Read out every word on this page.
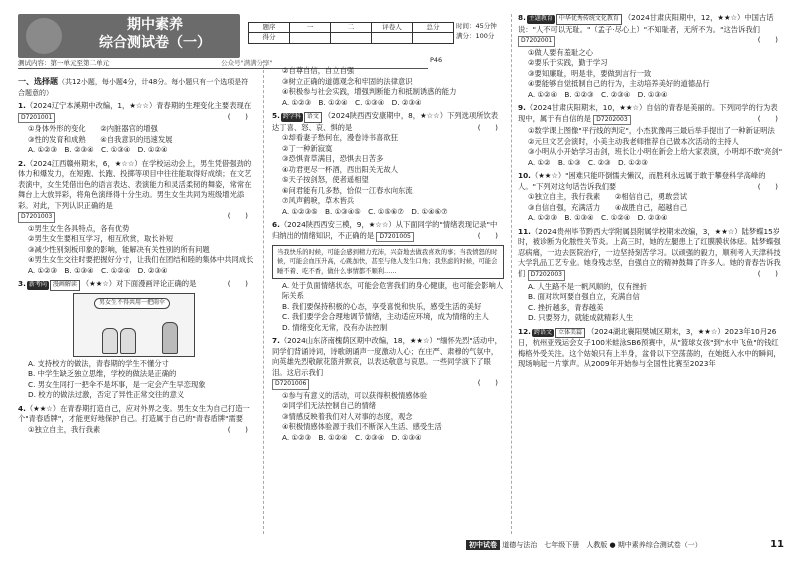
期中素养
综合测试卷（一）
题序	一	二	评卷人	总分
得分				
时间：45分钟
满分：100分
测试内容：第一单元至第二单元	公众号"满满分享"	P46

一、选择题（共12小题，每小题4分，计48分。每小题只有一个选项是符合题意的）

1.（2024辽宁本溪期中改编，1，★☆☆）青春期的生理变化主要表现在

D7201001	(　　)

①身体外形的变化　　 ②内脏器官的增强

③性的发育和成熟　　 ④自我意识的迅速发展

A. ①②③　B. ②③④　C. ①③④　D. ①②④

2.（2024江西赣州期末，6，★☆☆）在学校运动会上，男生凭借强劲的体力和爆发力，在短跑、长跑、投掷等项目中往往能取得好成绩；在文艺表演中，女生凭借出色的语言表达、表演能力和灵活柔韧的舞姿，常常在舞台上大放异彩，将角色演绎得十分生动。男生女生共同为班级增光添彩。对此，下列认识正确的是

D7201003	(　　)

①男生女生各具特点，各有优势

②男生女生要相互学习，相互欣赏，取长补短

③减少性别刻板印象的影响，能解决有关性别的所有问题

④男生女生交往时要把握好分寸，让我们在团结和睦的集体中共同成长

A. ①②③　B. ①③④　C. ①②④　D. ②③④

3. 新考向 漫画解读 （★★☆）对下面漫画评论正确的是	(　　)

男女生不得共用一把雨伞

A. 支持校方的做法，青春期的学生不懂分寸

B. 中学生缺乏独立思维，学校的做法是正确的

C. 男女生同打一把伞不是坏事，是一定会产生早恋现象

D. 校方的做法过激，否定了异性正常交往的意义

4.（★★☆）在青春期打造自己，应对外界之变。男生女生为自己打造一个"青春盾牌"，才能更好地保护自己。打造属于自己的"青春盾牌"需要
(　　)

①独立自主，我行我素

②自尊自信，自立自强

③树立正确的道德观念和牢固的法律意识

④积极参与社会实践，增强判断能力和抵制诱惑的能力

A. ①②③　B. ①②④　C. ①③④　D. ②③④

5. 跨学科 语文 （2024陕西西安康期中，8，★☆☆）下列选项所饮表达丁喜、怒、哀、惧的是	(　　)

①却看妻子愁何在，漫卷诗书喜欲狂

②丁一种新寂寞

③恐惧青草满目，恐惧去日苦多

④功君更尽一杯酒，西出阳关无故人

⑤天子按剑怒，使者遥相望

⑥问君能有几多愁，恰似一江春水向东流

⑦风声鹤唳，草木皆兵

A. ①②③⑤　B. ①③④⑤　C. ①⑤⑥⑦　D. ①④⑥⑦

6.（2024陕西西安三模，9，★☆☆）从下面同学的"情绪表现记录"中归纳出的情绪知识，不正确的是 D7201005	(　　)

当我快乐的时候，可能会感到精力充沛，兴奋地去做我喜欢的事；当我愤怒的时候，可能会血压升高，心跳加快，甚至与他人发生口角；我焦虑的时候，可能会睡不着、吃不香，做什么事情都不顺利……

A. 处于负面情绪状态，可能会危害我们的身心健康，也可能会影响人际关系

B. 我们要保持积极的心态，享受喜悦和快乐，感受生活的美好

C. 我们要学会合理地调节情绪，主动适应环境，成为情绪的主人

D. 情绪变化无常，没有办法控制

7.（2024山东济南槐荫区期中改编，18，★★☆）"缅怀先烈"活动中，同学们背诵诗词，诗歌朗诵声一度激动人心；在庄严、肃穆的气氛中，向英雄先烈敬献花篮并默哀，以表达敬意与哀思。一些同学演下了眼泪。这启示我们

D7201006	(　　)

①参与有意义的活动，可以获得积极情感体验

②同学们无法控制自己的情绪

③情感反映着我们对人对事的态度，观念

④积极情感体验源于我们不断深入生活、感受生活

A. ①②③　B. ①②④　C. ②③④　D. ①③④

8. 主题教育 中华优秀传统文化教育 （2024甘肃庆阳期中，12，★★☆）中国古话说："人不可以无耻。"（孟子·尽心上）"不知耻者，无所不为。"这告诉我们 D7202001	(　　)

①做人要有羞耻之心

②要乐于实践，勤于学习

③要知廉耻，明是非，要做到言行一致

④要能够自觉抵制自己的行为，主动培养美好的道德品行

A. ①②④　B. ①②③　C. ②③④　D. ①③④

9.（2024甘肃庆阳期末，10，★★☆）自信的青春是美丽的。下列同学的行为表现中，属于有自信的是 D7202003	(　　)

①数学课上图像"平行线的判定"，小杰犹豫再三最后举手提出了一种新证明法

②元旦文艺会演时，小美主动我老师推荐自己做本次活动的主持人

③小明从小开始学习击剑，班长让小明在新会上给大家表演，小明却不敢"亮剑"

A. ①②　B. ①③　C. ②③　D. ①②③

10.（★★☆）"困难只能吓倒懦夫懒汉，而胜利永远属于敢于攀登科学高峰的人。"下列对这句话告诉我们要	(　　)

①独立自主，我行我素　　 ②相信自己，勇敢尝试

③自信自强，充满活力　　 ④战胜自己，超越自己

A. ①②③　B. ①③④　C. ①②④　D. ②③④

11.（2024贵州毕节黔西大学附属县附属学校期末改编，3，★★☆）陆梦蝶15岁时，被诊断为化脓性关节炎。上高三时，她的左腿患上了红膜膜状体痣。陆梦蝶强忍病痛，一边去医院治疗，一边坚持刻苦学习。以顽强的毅力，顺利考入天津科技大学乳品工艺专业。她身残志坚，自强自立的精神鼓舞了许多人。她的青春告诉我们 D7202003	(　　)

A. 人生路不是一帆风顺的，仅有挫折

B. 面对坎坷要自强自立，充满自信

C. 挫折越多，青春越美

D. 只要努力，就能成就精彩人生

12. 跨语文 立体美篇 （2024湖北襄阳樊城区期末，3，★★☆）2023年10月26日，杭州亚残运会女子100米蛙泳SB6预赛中，从"篮球女孩"到"水中飞鱼"的钱红梅格外受关注。这个姑娘只有上半身，盆骨以下空荡荡的，在她挺入水中的瞬间，现场响起一片掌声。从2009年开始参与全国性比赛至2023年

初中试卷 道德与法治　七年级下册　人教版 ● 期中素养综合测试卷（一）	11
